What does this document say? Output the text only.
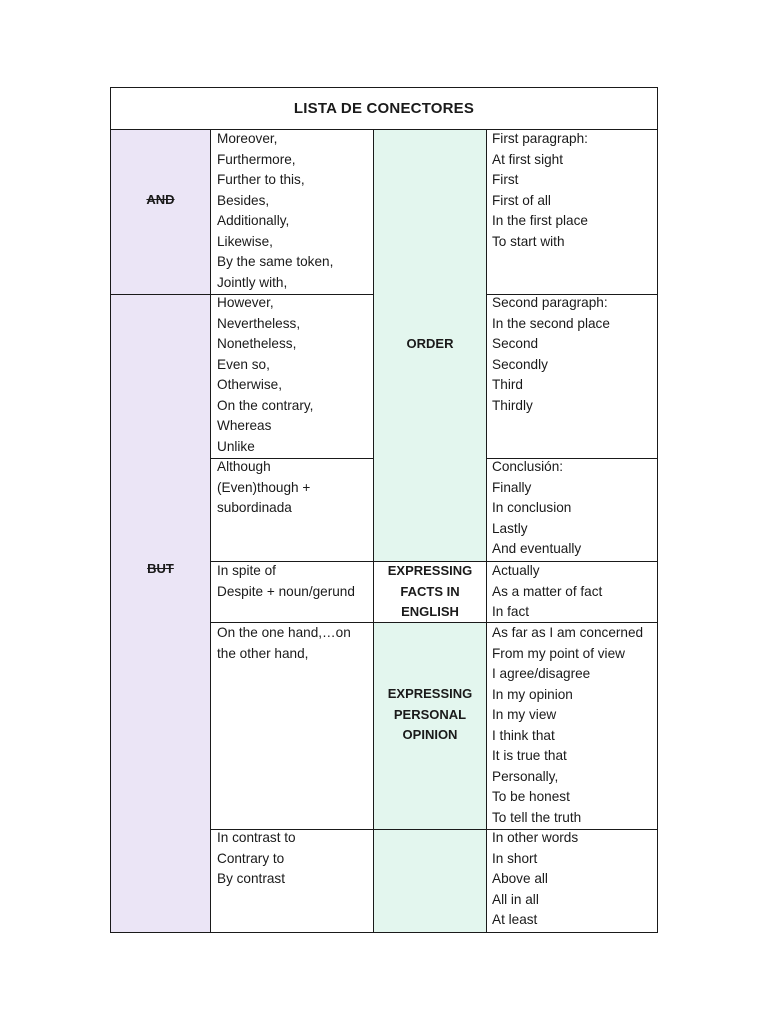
LISTA DE CONECTORES
AND
BUT
ORDER
EXPRESSING
FACTS IN
ENGLISH
EXPRESSING
PERSONAL
OPINION
Moreover,
Furthermore,
Further to this,
Besides,
Additionally,
Likewise,
By the same token,
Jointly with,
However,
Nevertheless,
Nonetheless,
Even so,
Otherwise,
On the contrary,
Whereas
Unlike
Although
(Even)though +
subordinada
In spite of
Despite + noun/gerund
On the one hand,…on
the other hand,
In contrast to
Contrary to
By contrast
First paragraph:
At first sight
First
First of all
In the first place
To start with
Second paragraph:
In the second place
Second
Secondly
Third
Thirdly
Conclusión:
Finally
In conclusion
Lastly
And eventually
Actually
As a matter of fact
In fact
As far as I am concerned
From my point of view
I agree/disagree
In my opinion
In my view
I think that
It is true that
Personally,
To be honest
To tell the truth
In other words
In short
Above all
All in all
At least
